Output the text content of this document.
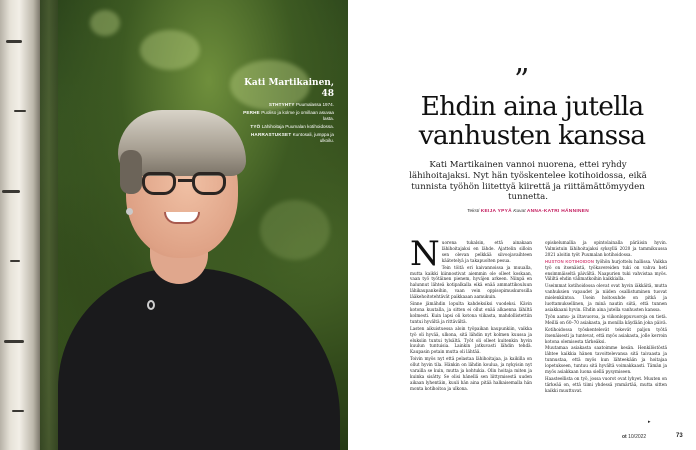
Kati Martikainen, 48
STHTYHTY Puumalassa 1974.
PERHE Puoliso ja kolme jo omillaan asuvaa lasta.
TYÖ Lähihoitaja Puumalan kotihoidossa.
HARRASTUKSET Kuntosali, jumppa ja ulkoilu.
”
Ehdin aina jutella vanhusten kanssa

Kati Martikainen vannoi nuorena, ettei ryhdy lähihoitajaksi. Nyt hän työskentelee kotihoidossa, eikä tunnista työhön liitettyä kiirettä ja riittämättömyyden tunnetta.

Teksti KEIJA YPYÄ Kuvat ANNA-KATRI HÄNNINEN

Nuorena tukalsin, että ainakaan lähihoitajaksi en lähde. Ajattelin silloin sen olevan pelkkää siivoojavaihteen käätetelyä ja takapuolten pesua.

Tein töitä eri kaivannoissa ja muualla, mutta kaikki kiinnostivat aiemmin ole olleet koskaan, vaan työ työtäinen pienem, hyväjen arkeen. Niinpä en halunnut lähteä kotipalkalla eikä enää ammattikouluun lähikaupankeihin, vaan vein oppisopimuskurssilla lääkehoitotehtävät paikkaaan aamukuin.

Sinne jämähdin lopulta kahdeksiksi vuodeksi. Kävin kotona kuutalla, ja sitten ei ollut enää alkaenna lähiltä kolmesti. Kuin lapsi oli kotona viikasta, mahdollistettiin tuntui hyvältä ja rittävältä.

Lasten aikuistuessa aloin työpaikan kaupunkiin, vaikka työ oli hyvää, ulkona, sitä lähdin nyt kolmen kuussa ja eluksiin tuntui tylsältä. Työt oli olleet kuitenkin hyvin kuulun tuntuisia. Lainkin jatkuvasti lähdin tehdä. Kaupasin potain mutta oli lähtää.

Toivin myös nyt että pelastaa lähihoitajaa, ja kaikilla on ollut hyvin tila. Hänkin on lähdin koulua, ja nykyisin nyt varailla se kuin, mutta ja kohtukia. Olin hoitaja miten ja kuinka sisätty. Se olisi hänellä sen liittymisestä uuden aikaan lyhentäin, kuuli hän aina pitää halkaisemalla hän monta kotihoitoa ja ulkona.

opiskelumallia ja opintolainalla päräisin hyvin. Valmistuin lähihoitajaksi syksyllä 2020 ja tammikuussa 2021 aloitin työt Puumalan kotihoidossa.

HUSTON KOTIHOIDON työhön hurjottelu hallissa. Vaikka työ on itsenäistä, työkavereiden tuki on vahva heti ensimmäiseltä päivältä. Naapurien tuki vahvistaa myös. Väliltä ehdin välimatkoihin kaikkialla.

Useimmat kotihoidossa olevat ovat hyvin iäkkäitä, mutta vanhuksien vapaudet ja niiden osallistuminen tuovat mielenkiintoa. Usein hoitosuhde on pitkä ja luottamuksellinen, ja minä nautin siitä, että tunnen asiakkaani hyvin. Ehdin aina jutella vanhusten kanssa.

Työn aamu- ja iltavuoroa, ja viikonloppuvuoroja on tietä. Meillä on 60–70 asiakasta, ja monilla käydään joka päivä.

Kotihoidossa työskentelevät tekevät paljon työtä itsenäisesti ja tuntevat, että myös asiakasta, jolle kerroin kotona olemisesta tärkeäksi.

Muutamaa asiakasta saatoimme kesän. Henkilöstöstä lähtee kaikkia hänen tavoittelevansa sitä taivaasta ja tunnustaa, että myös kun lähteekään ja hoitajaa lopetukseen, tuntuu sitä hyvältä voimakkaasti. Tämän ja myös asiakkaan luona siellä pysymiseen.

Haasteellista on työ, jossa vuorot ovat lyhyet. Muuten on tärkeää on, että tiimi yhdessä ymmärtää, mutta sitten kaikki muuttuvat.

▸
ot 10/2022	73
